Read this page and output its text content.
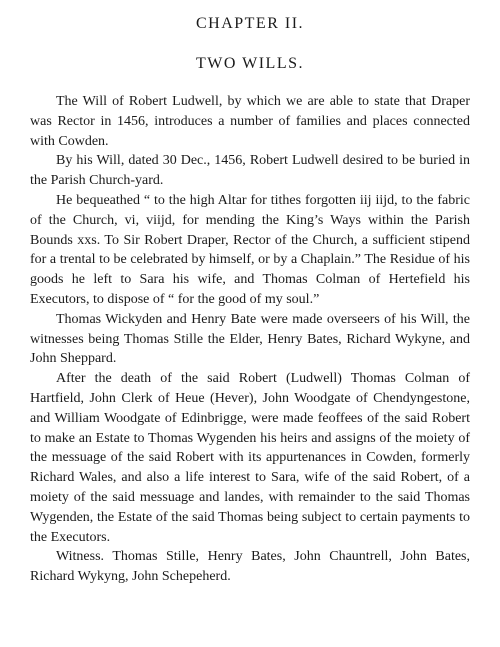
CHAPTER II.
TWO WILLS.

The Will of Robert Ludwell, by which we are able to state that Draper was Rector in 1456, introduces a number of families and places connected with Cowden.

By his Will, dated 30 Dec., 1456, Robert Ludwell desired to be buried in the Parish Church-yard.

He bequeathed “ to the high Altar for tithes forgotten iij iijd, to the fabric of the Church, vi, viijd, for mending the King’s Ways within the Parish Bounds xxs. To Sir Robert Draper, Rector of the Church, a sufficient stipend for a trental to be celebrated by himself, or by a Chaplain.” The Residue of his goods he left to Sara his wife, and Thomas Colman of Hertefield his Executors, to dispose of “ for the good of my soul.”

Thomas Wickyden and Henry Bate were made overseers of his Will, the witnesses being Thomas Stille the Elder, Henry Bates, Richard Wykyne, and John Sheppard.

After the death of the said Robert (Ludwell) Thomas Colman of Hartfield, John Clerk of Heue (Hever), John Woodgate of Chendyngestone, and William Woodgate of Edinbrigge, were made feoffees of the said Robert to make an Estate to Thomas Wygenden his heirs and assigns of the moiety of the messuage of the said Robert with its appurtenances in Cowden, formerly Richard Wales, and also a life interest to Sara, wife of the said Robert, of a moiety of the said messuage and landes, with remainder to the said Thomas Wygenden, the Estate of the said Thomas being subject to certain payments to the Executors.

Witness. Thomas Stille, Henry Bates, John Chauntrell, John Bates, Richard Wykyng, John Schepeherd.
